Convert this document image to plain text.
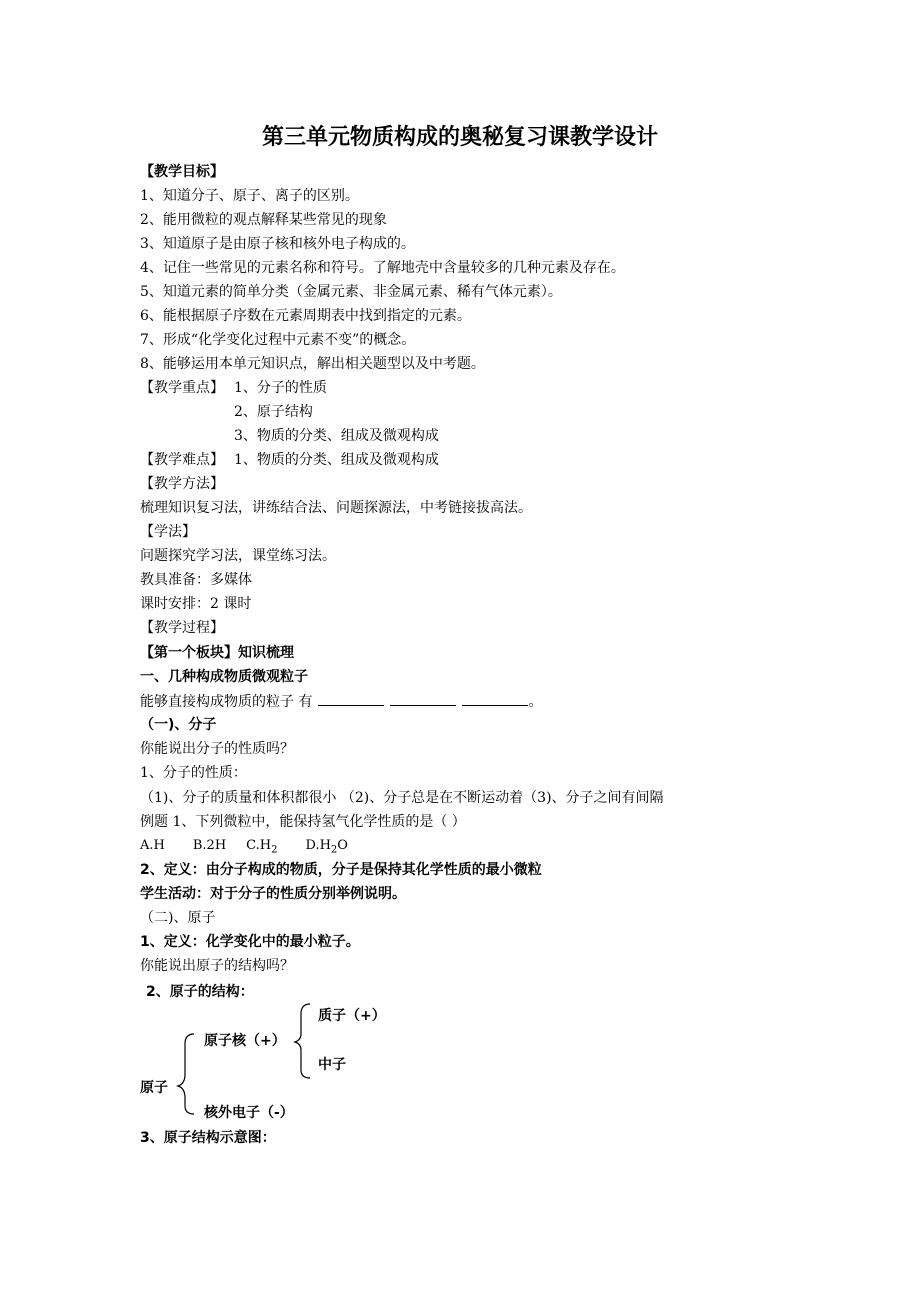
第三单元物质构成的奥秘复习课教学设计

【教学目标】

1、知道分子、原子、离子的区别。

2、能用微粒的观点解释某些常见的现象

3、知道原子是由原子核和核外电子构成的。

4、记住一些常见的元素名称和符号。了解地壳中含量较多的几种元素及存在。

5、知道元素的简单分类（金属元素、非金属元素、稀有气体元素）。

6、能根据原子序数在元素周期表中找到指定的元素。

7、形成“化学变化过程中元素不变”的概念。

8、能够运用本单元知识点，解出相关题型以及中考题。

【教学重点】 1、分子的性质

2、原子结构

3、物质的分类、组成及微观构成

【教学难点】 1、物质的分类、组成及微观构成

【教学方法】

梳理知识复习法，讲练结合法、问题探源法，中考链接拔高法。

【学法】

问题探究学习法，课堂练习法。

教具准备：多媒体

课时安排：2 课时

【教学过程】

【第一个板块】知识梳理

一、几种构成物质微观粒子

能够直接构成物质的粒子 有	。

（一)、分子

你能说出分子的性质吗？

1、分子的性质：

（1)、分子的质量和体积都很小 （2)、分子总是在不断运动着（3)、分子之间有间隔

例题 1、下列微粒中，能保持氢气化学性质的是（ ）

A.H B.2H $C.H_2$ $D.H_2O$

2、定义：由分子构成的物质，分子是保持其化学性质的最小微粒

学生活动：对于分子的性质分别举例说明。

（二)、原子

1、定义：化学变化中的最小粒子。

你能说出原子的结构吗？

2、原子的结构：

原子

原子核（+）

质子（+）

中子

核外电子（-）

3、原子结构示意图：
